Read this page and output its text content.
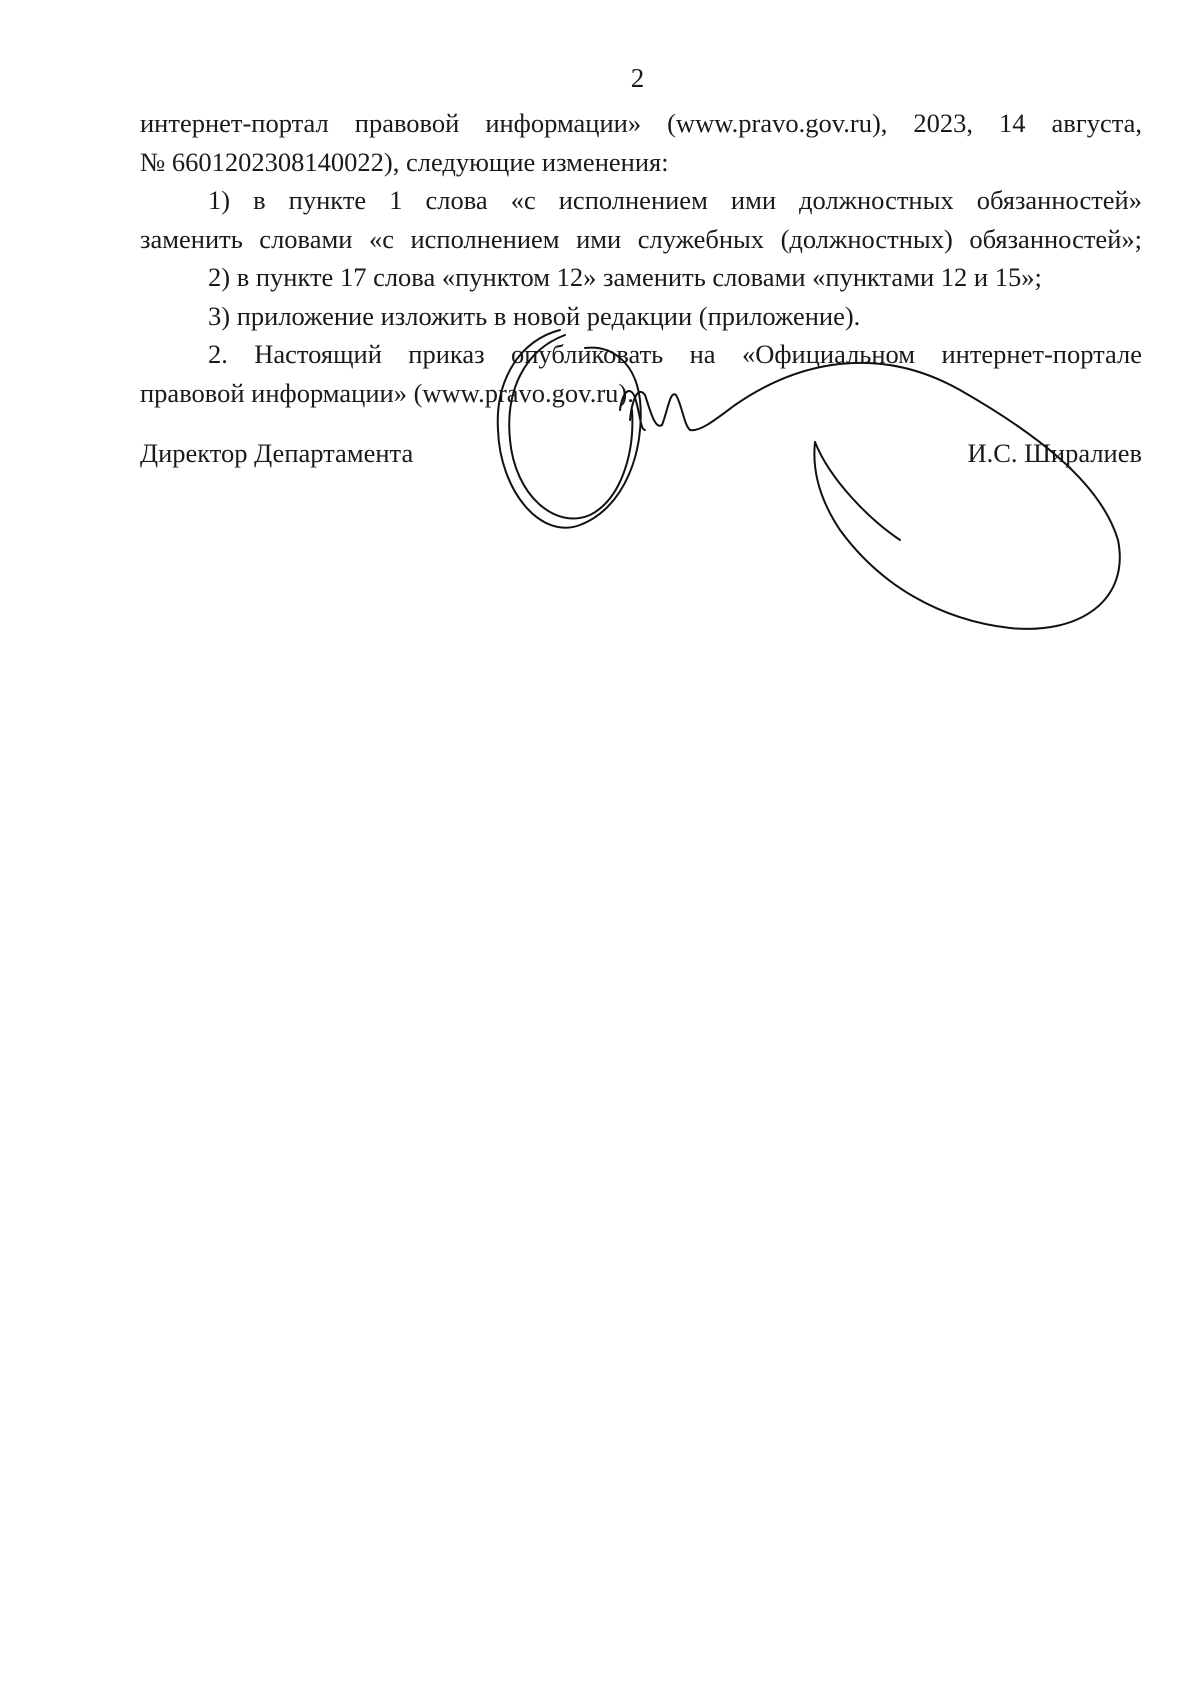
2
интернет-портал правовой информации» (www.pravo.gov.ru), 2023, 14 августа,
№ 6601202308140022), следующие изменения:
1) в пункте 1 слова «с исполнением ими должностных обязанностей»
заменить словами «с исполнением ими служебных (должностных) обязанностей»;
2) в пункте 17 слова «пунктом 12» заменить словами «пунктами 12 и 15»;
3) приложение изложить в новой редакции (приложение).
2. Настоящий приказ опубликовать на «Официальном интернет-портале
правовой информации» (www.pravo.gov.ru).
Директор Департамента	И.С. Ширалиев
